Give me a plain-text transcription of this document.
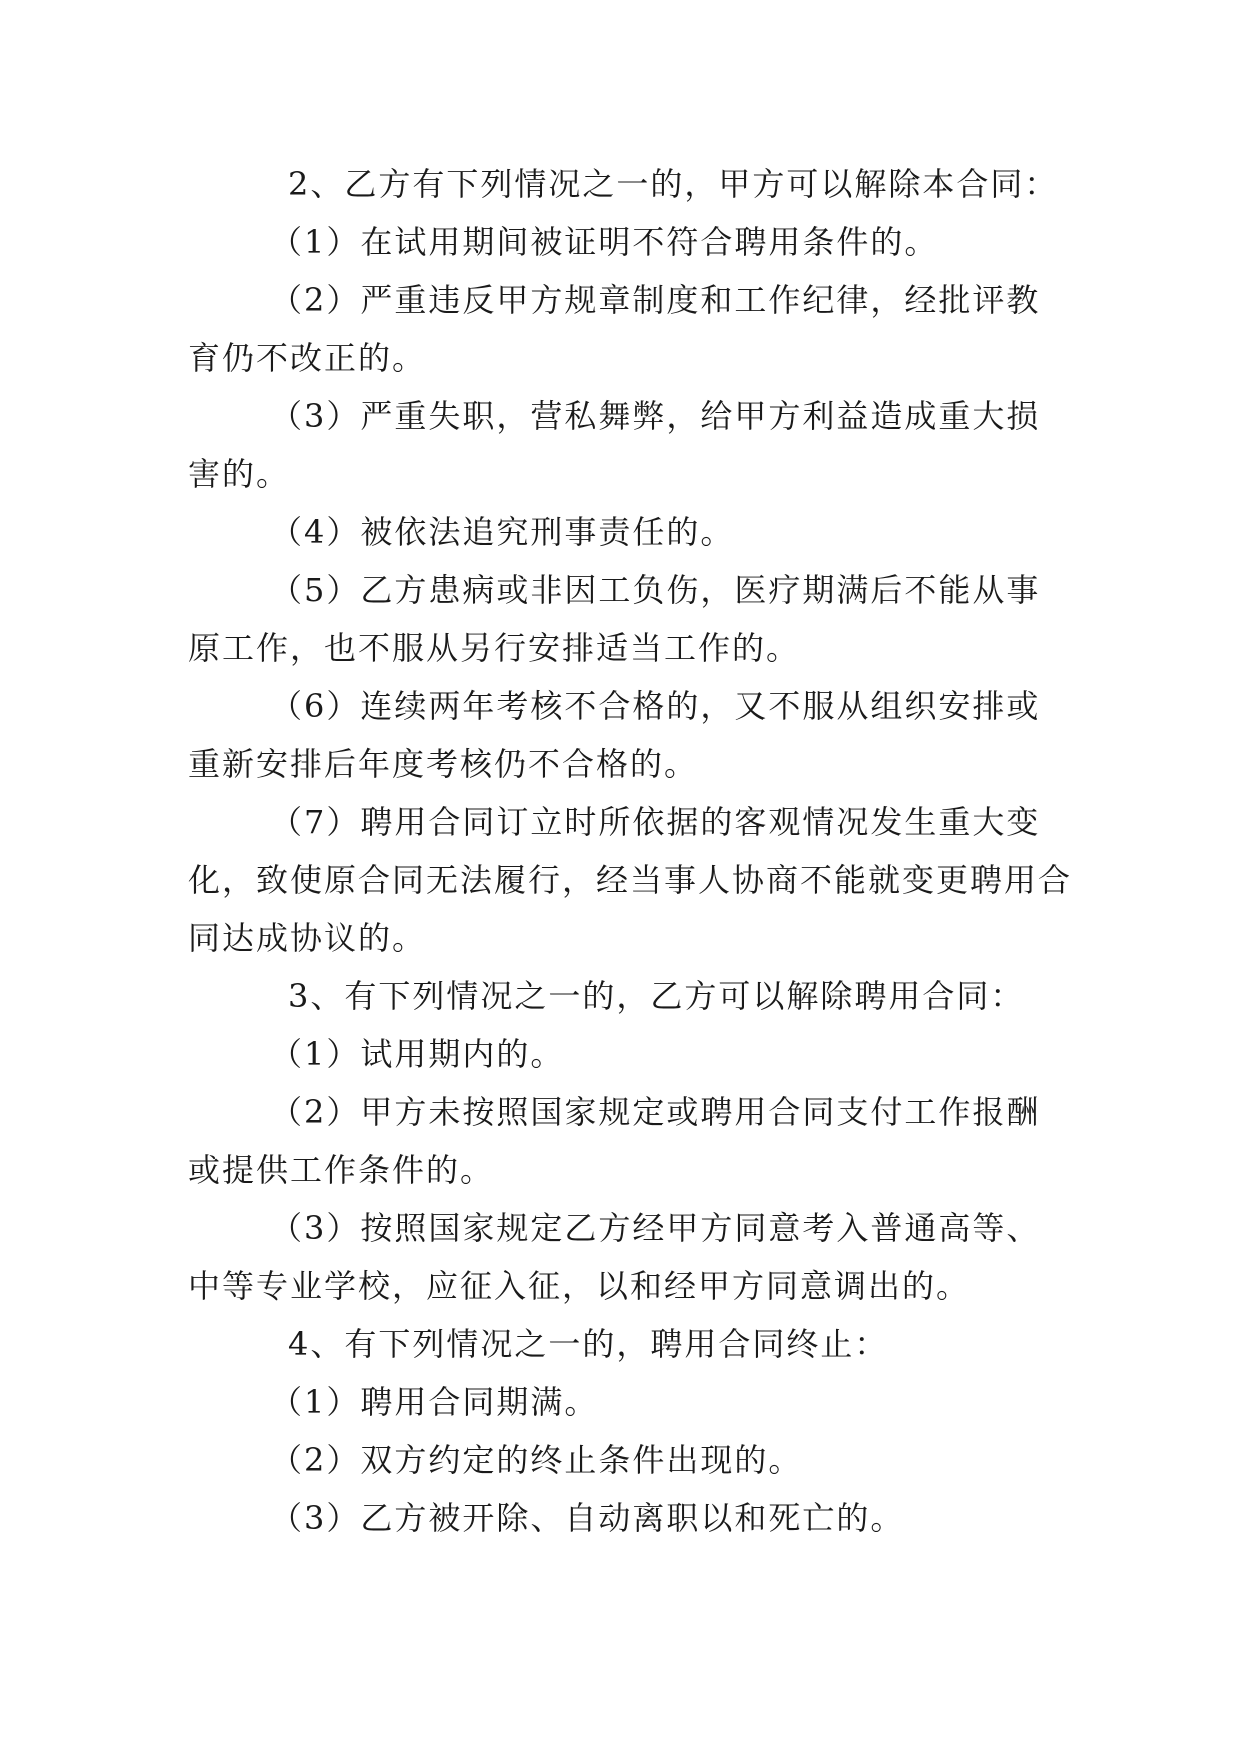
2、乙方有下列情况之一的，甲方可以解除本合同：
（1）在试用期间被证明不符合聘用条件的。
（2）严重违反甲方规章制度和工作纪律，经批评教
育仍不改正的。
（3）严重失职，营私舞弊，给甲方利益造成重大损
害的。
（4）被依法追究刑事责任的。
（5）乙方患病或非因工负伤，医疗期满后不能从事
原工作，也不服从另行安排适当工作的。
（6）连续两年考核不合格的，又不服从组织安排或
重新安排后年度考核仍不合格的。
（7）聘用合同订立时所依据的客观情况发生重大变
化，致使原合同无法履行，经当事人协商不能就变更聘用合
同达成协议的。
3、有下列情况之一的，乙方可以解除聘用合同：
（1）试用期内的。
（2）甲方未按照国家规定或聘用合同支付工作报酬
或提供工作条件的。
（3）按照国家规定乙方经甲方同意考入普通高等、
中等专业学校，应征入征，以和经甲方同意调出的。
4、有下列情况之一的，聘用合同终止：
（1）聘用合同期满。
（2）双方约定的终止条件出现的。
（3）乙方被开除、自动离职以和死亡的。
